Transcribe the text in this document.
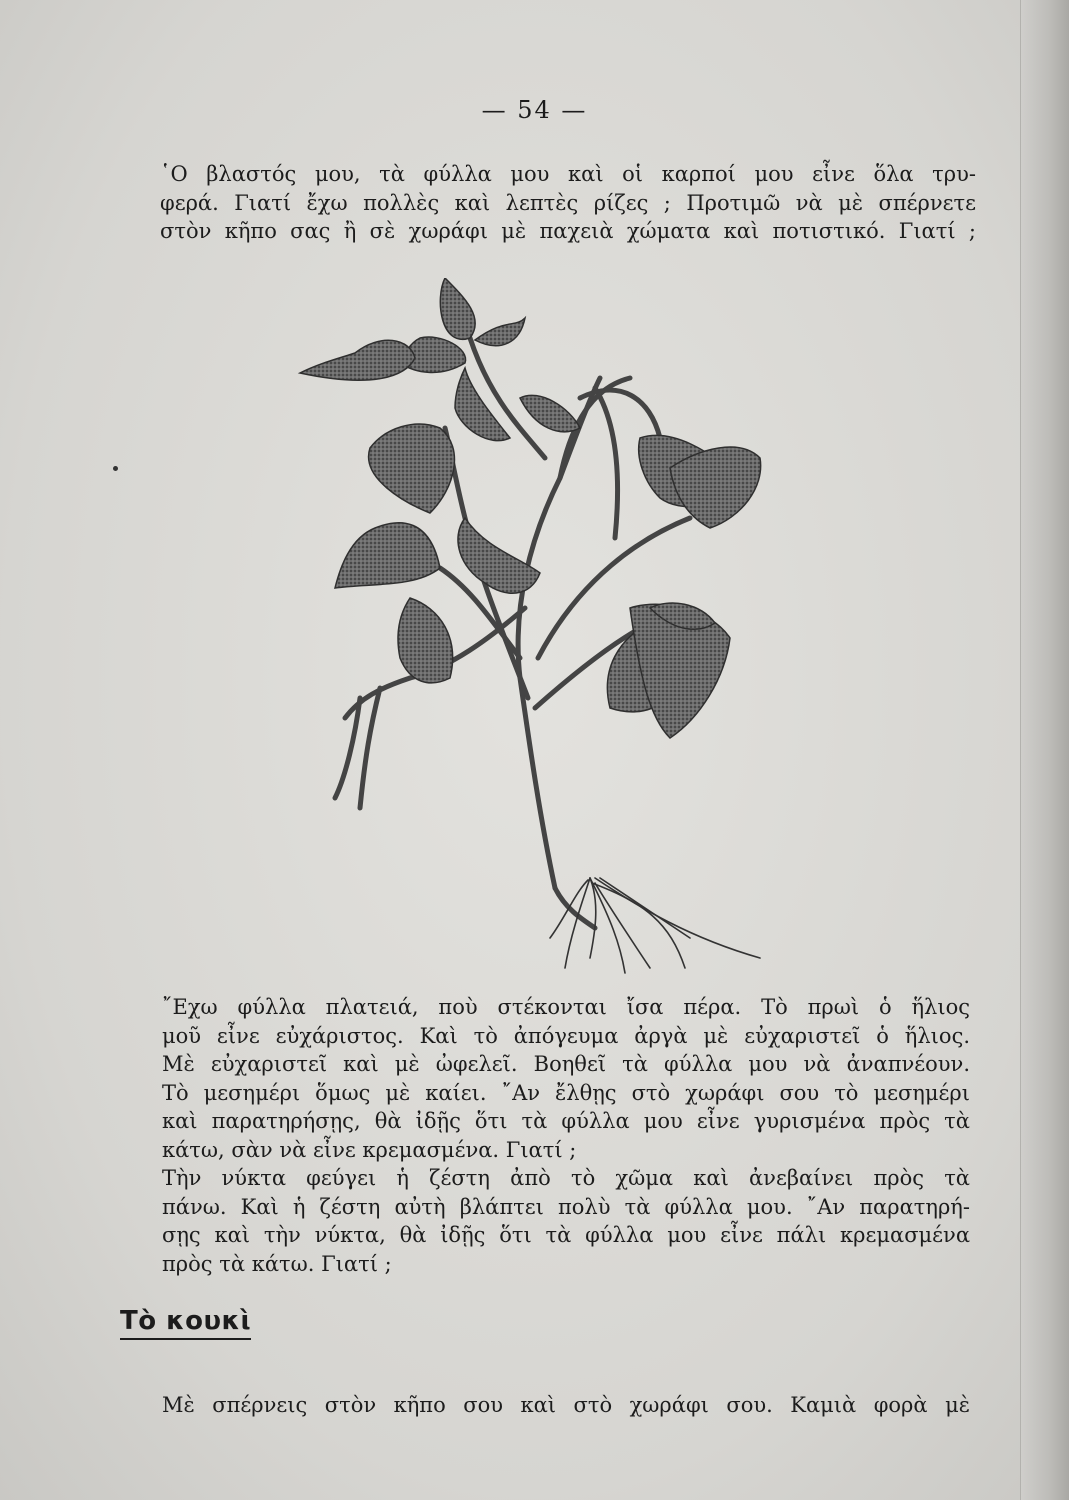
— 54 —
῾Ο βλαστός μου, τὰ φύλλα μου καὶ οἱ καρποί μου εἶνε ὅλα τρυ-
φερά. Γιατί ἔχω πολλὲς καὶ λεπτὲς ρίζες ; Προτιμῶ νὰ μὲ σπέρνετε
στὸν κῆπο σας ἢ σὲ χωράφι μὲ παχειὰ χώματα καὶ ποτιστικό. Γιατί ;
῎Εχω φύλλα πλατειά, ποὺ στέκονται ἴσα πέρα. Τὸ πρωὶ ὁ ἥλιος
μοῦ εἶνε εὐχάριστος. Καὶ τὸ ἀπόγευμα ἀργὰ μὲ εὐχαριστεῖ ὁ ἥλιος.
Μὲ εὐχαριστεῖ καὶ μὲ ὠφελεῖ. Βοηθεῖ τὰ φύλλα μου νὰ ἀναπνέουν.
Τὸ μεσημέρι ὅμως μὲ καίει. ῎Αν ἔλθῃς στὸ χωράφι σου τὸ μεσημέρι
καὶ παρατηρήσῃς, θὰ ἰδῇς ὅτι τὰ φύλλα μου εἶνε γυρισμένα πρὸς τὰ
κάτω, σὰν νὰ εἶνε κρεμασμένα. Γιατί ;
Τὴν νύκτα φεύγει ἡ ζέστη ἀπὸ τὸ χῶμα καὶ ἀνεβαίνει πρὸς τὰ
πάνω. Καὶ ἡ ζέστη αὐτὴ βλάπτει πολὺ τὰ φύλλα μου. ῎Αν παρατηρή-
σῃς καὶ τὴν νύκτα, θὰ ἰδῇς ὅτι τὰ φύλλα μου εἶνε πάλι κρεμασμένα
πρὸς τὰ κάτω. Γιατί ;
Τὸ κουκὶ
Μὲ σπέρνεις στὸν κῆπο σου καὶ στὸ χωράφι σου. Καμιὰ φορὰ μὲ
